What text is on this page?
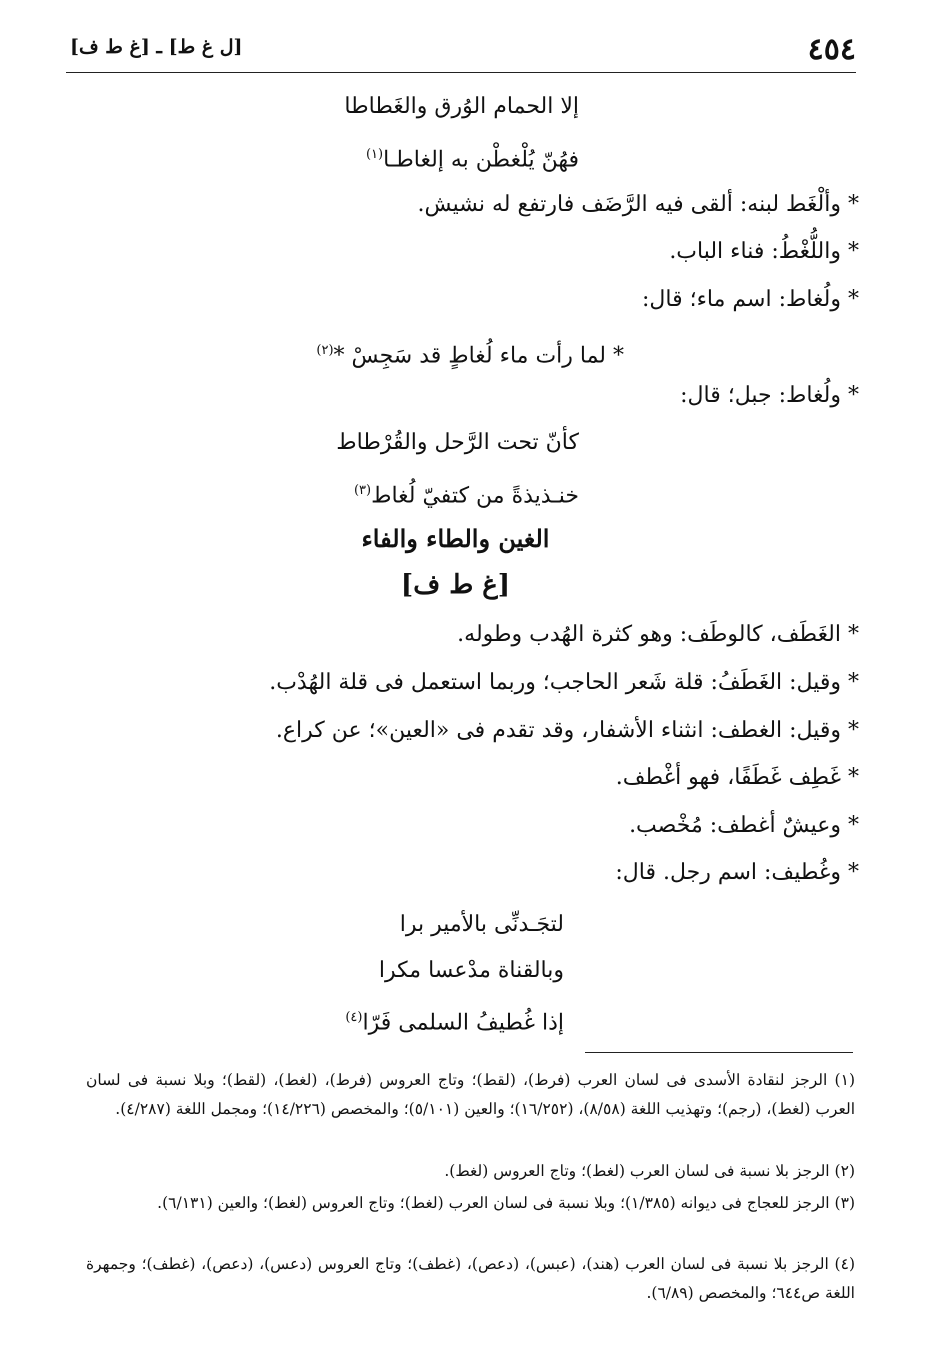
٤٥٤
[ل غ ط] ـ [غ ط ف]
إلا الحمام الوُرق والغَطاطا
فهُنّ يُلْغطْن به إلغاطـا$^{(١)}$
* وألْغَط لبنه: ألقى فيه الرَّضَف فارتفع له نشيش.
* واللُّغْطُ: فناء الباب.
* ولُغاط: اسم ماء؛ قال:
* لما رأت ماء لُغاطٍ قد سَجِسْ *$^{(٢)}$
* ولُغاط: جبل؛ قال:
كأنّ تحت الرَّحل والقُرْطاط
خنـذيذةً من كتفيّ لُغاط$^{(٣)}$
الغين والطاء والفاء
[غ ط ف]
* الغَطَف، كالوطَف: وهو كثرة الهُدب وطوله.
* وقيل: الغَطَفُ: قلة شَعر الحاجب؛ وربما استعمل فى قلة الهُدْب.
* وقيل: الغطف: انثناء الأشفار، وقد تقدم فى «العين»؛ عن كراع.
* غَطِف غَطَفًا، فهو أغْطف.
* وعيشٌ أغطف: مُخْصب.
* وغُطيف: اسم رجل. قال:
لتجَـدنِّى بالأمير برا
وبالقناة مدْعسا مكرا
إذا غُطيفُ السلمى فَرّا$^{(٤)}$
(١) الرجز لنقادة الأسدى فى لسان العرب (فرط)، (لقط)؛ وتاج العروس (فرط)، (لغط)، (لقط)؛ وبلا نسبة فى لسان العرب (لغط)، (رجم)؛ وتهذيب اللغة (٨/٥٨)، (١٦/٢٥٢)؛ والعين (٥/١٠١)؛ والمخصص (١٤/٢٢٦)؛ ومجمل اللغة (٤/٢٨٧).
(٢) الرجز بلا نسبة فى لسان العرب (لغط)؛ وتاج العروس (لغط).
(٣) الرجز للعجاج فى ديوانه (١/٣٨٥)؛ وبلا نسبة فى لسان العرب (لغط)؛ وتاج العروس (لغط)؛ والعين (٦/١٣١).
(٤) الرجز بلا نسبة فى لسان العرب (هند)، (عبس)، (دعص)، (غطف)؛ وتاج العروس (دعس)، (دعص)، (غطف)؛ وجمهرة اللغة ص٦٤٤؛ والمخصص (٦/٨٩).
